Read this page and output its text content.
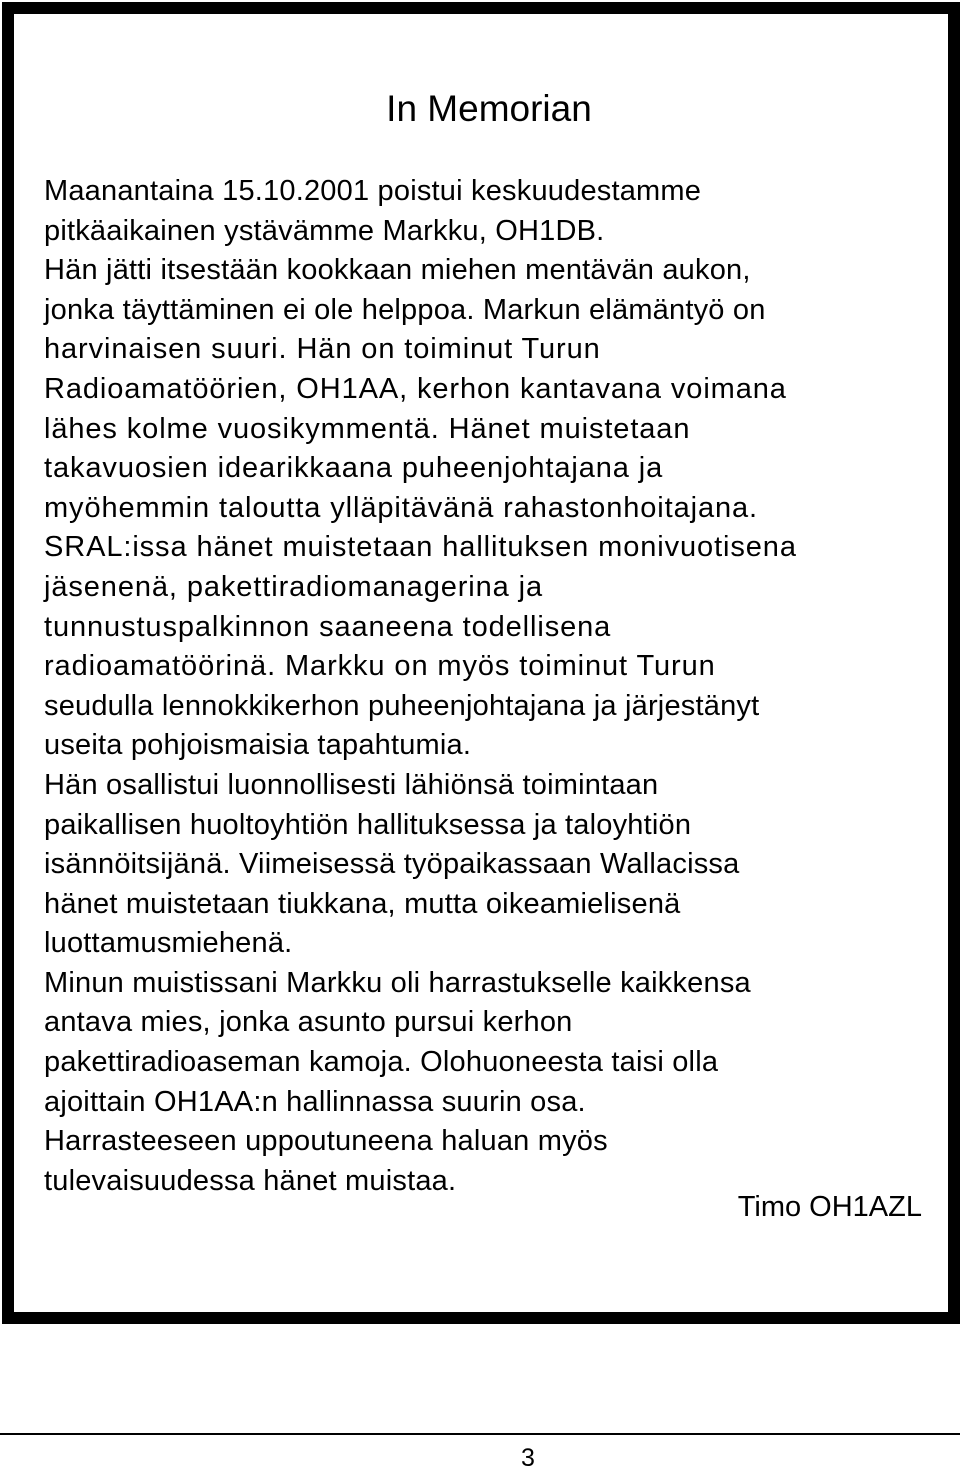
In Memorian
Maanantaina 15.10.2001 poistui keskuudestamme
pitkäaikainen ystävämme Markku, OH1DB.
Hän jätti itsestään kookkaan miehen mentävän aukon,
jonka täyttäminen ei ole helppoa. Markun elämäntyö on
harvinaisen suuri. Hän on toiminut Turun
Radioamatöörien, OH1AA, kerhon kantavana voimana
lähes kolme vuosikymmentä. Hänet muistetaan
takavuosien idearikkaana puheenjohtajana ja
myöhemmin taloutta ylläpitävänä rahastonhoitajana.
SRAL:issa hänet muistetaan hallituksen monivuotisena
jäsenenä, pakettiradiomanagerina ja
tunnustuspalkinnon saaneena todellisena
radioamatöörinä. Markku on myös toiminut Turun
seudulla lennokkikerhon puheenjohtajana ja järjestänyt
useita pohjoismaisia tapahtumia.
Hän osallistui luonnollisesti lähiönsä toimintaan
paikallisen huoltoyhtiön hallituksessa ja taloyhtiön
isännöitsijänä. Viimeisessä työpaikassaan Wallacissa
hänet muistetaan tiukkana, mutta oikeamielisenä
luottamusmiehenä.
Minun muistissani Markku oli harrastukselle kaikkensa
antava mies, jonka asunto pursui kerhon
pakettiradioaseman kamoja. Olohuoneesta taisi olla
ajoittain OH1AA:n hallinnassa suurin osa.
Harrasteeseen uppoutuneena haluan myös
tulevaisuudessa hänet muistaa.
Timo OH1AZL
3
